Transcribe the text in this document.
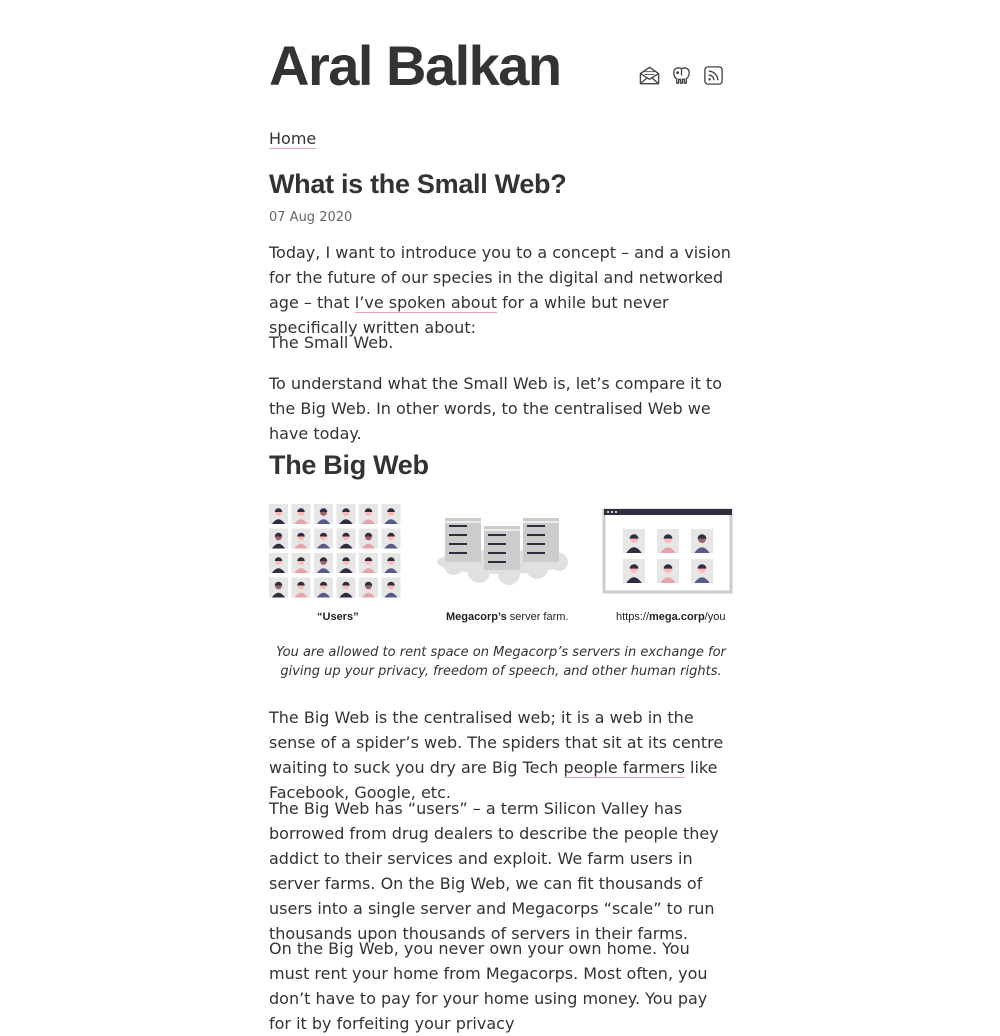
Aral Balkan
Home
What is the Small Web?
07 Aug 2020

Today, I want to introduce you to a concept – and a vision for the future of our species in the digital and networked age – that I’ve spoken about for a while but never specifically written about:

The Small Web.

To understand what the Small Web is, let’s compare it to the Big Web. In other words, to the centralised Web we have today.

The Big Web
“Users”	Megacorp’s server farm.	https://mega.corp/you

You are allowed to rent space on Megacorp’s servers in exchange for giving up your privacy, freedom of speech, and other human rights.

The Big Web is the centralised web; it is a web in the sense of a spider’s web. The spiders that sit at its centre waiting to suck you dry are Big Tech people farmers like Facebook, Google, etc.

The Big Web has “users” – a term Silicon Valley has borrowed from drug dealers to describe the people they addict to their services and exploit. We farm users in server farms. On the Big Web, we can fit thousands of users into a single server and Megacorps “scale” to run thousands upon thousands of servers in their farms.

On the Big Web, you never own your own home. You must rent your home from Megacorps. Most often, you don’t have to pay for your home using money. You pay for it by forfeiting your privacy
